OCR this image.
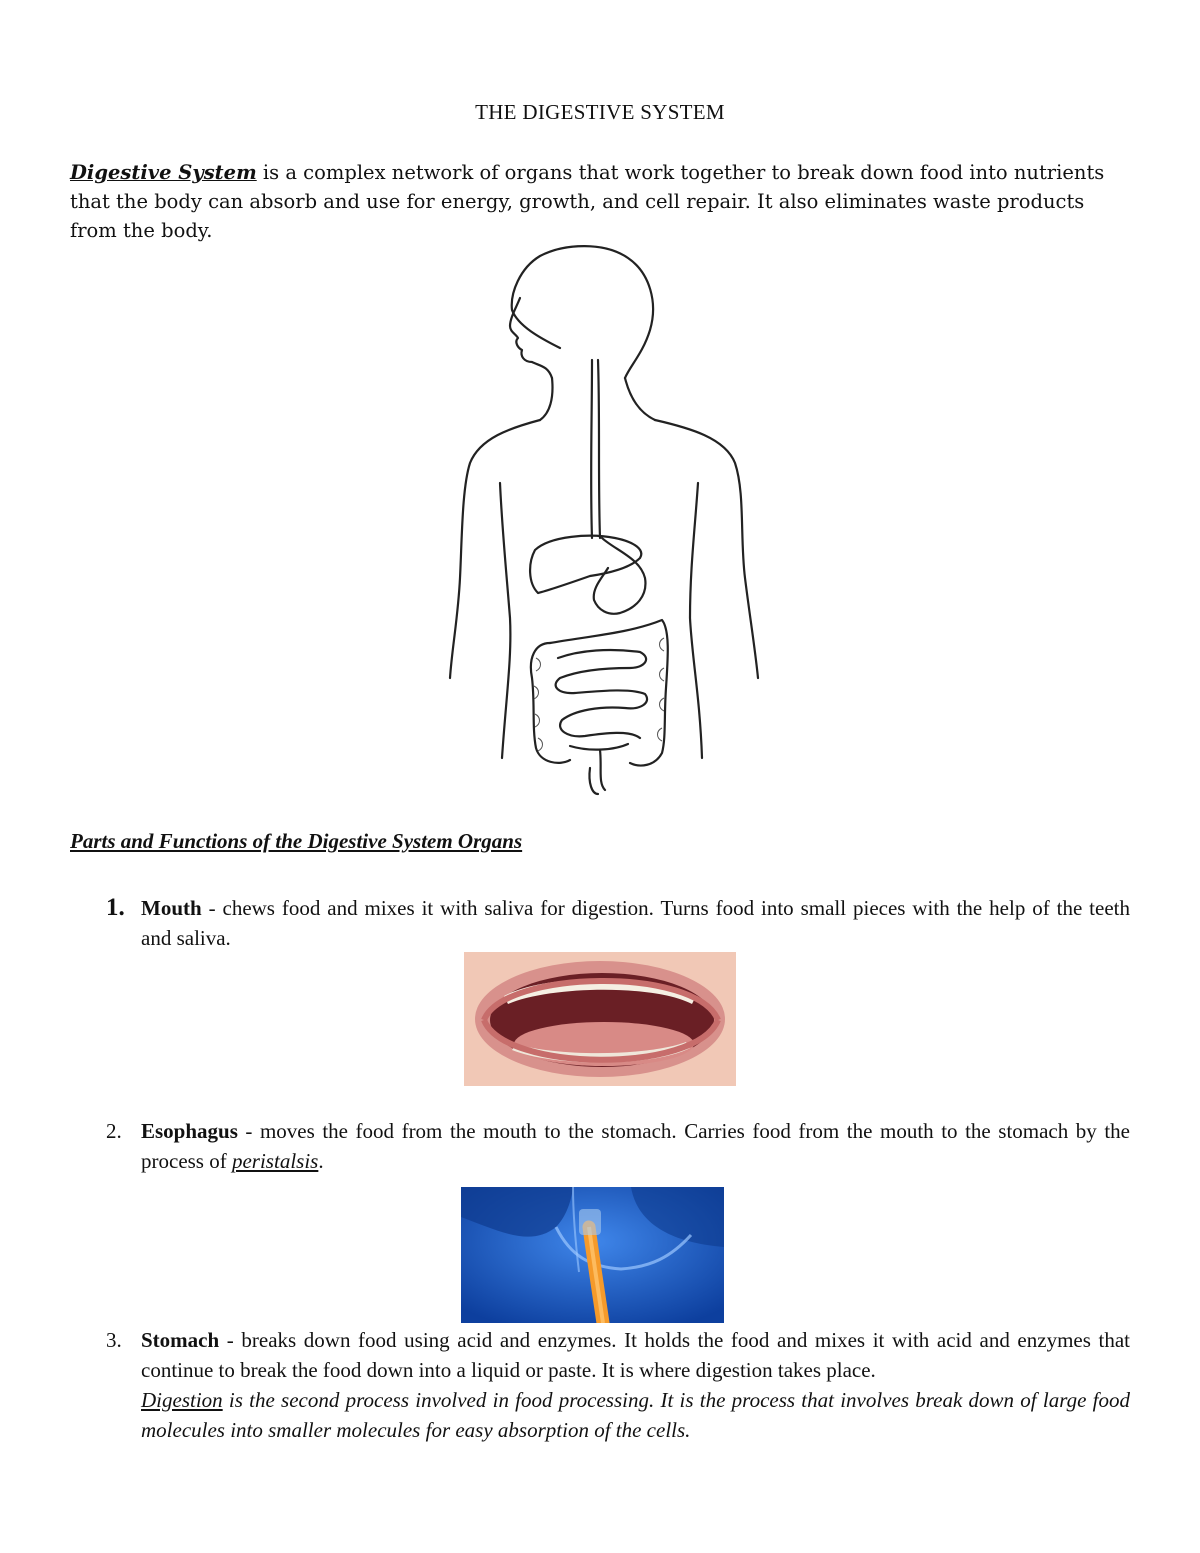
THE DIGESTIVE SYSTEM
Digestive System is a complex network of organs that work together to break down food into nutrients that the body can absorb and use for energy, growth, and cell repair. It also eliminates waste products from the body.
Parts and Functions of the Digestive System Organs
1. Mouth - chews food and mixes it with saliva for digestion. Turns food into small pieces with the help of the teeth and saliva.
2. Esophagus - moves the food from the mouth to the stomach. Carries food from the mouth to the stomach by the process of peristalsis.
3. Stomach - breaks down food using acid and enzymes. It holds the food and mixes it with acid and enzymes that continue to break the food down into a liquid or paste. It is where digestion takes place.
Digestion is the second process involved in food processing. It is the process that involves break down of large food molecules into smaller molecules for easy absorption of the cells.
